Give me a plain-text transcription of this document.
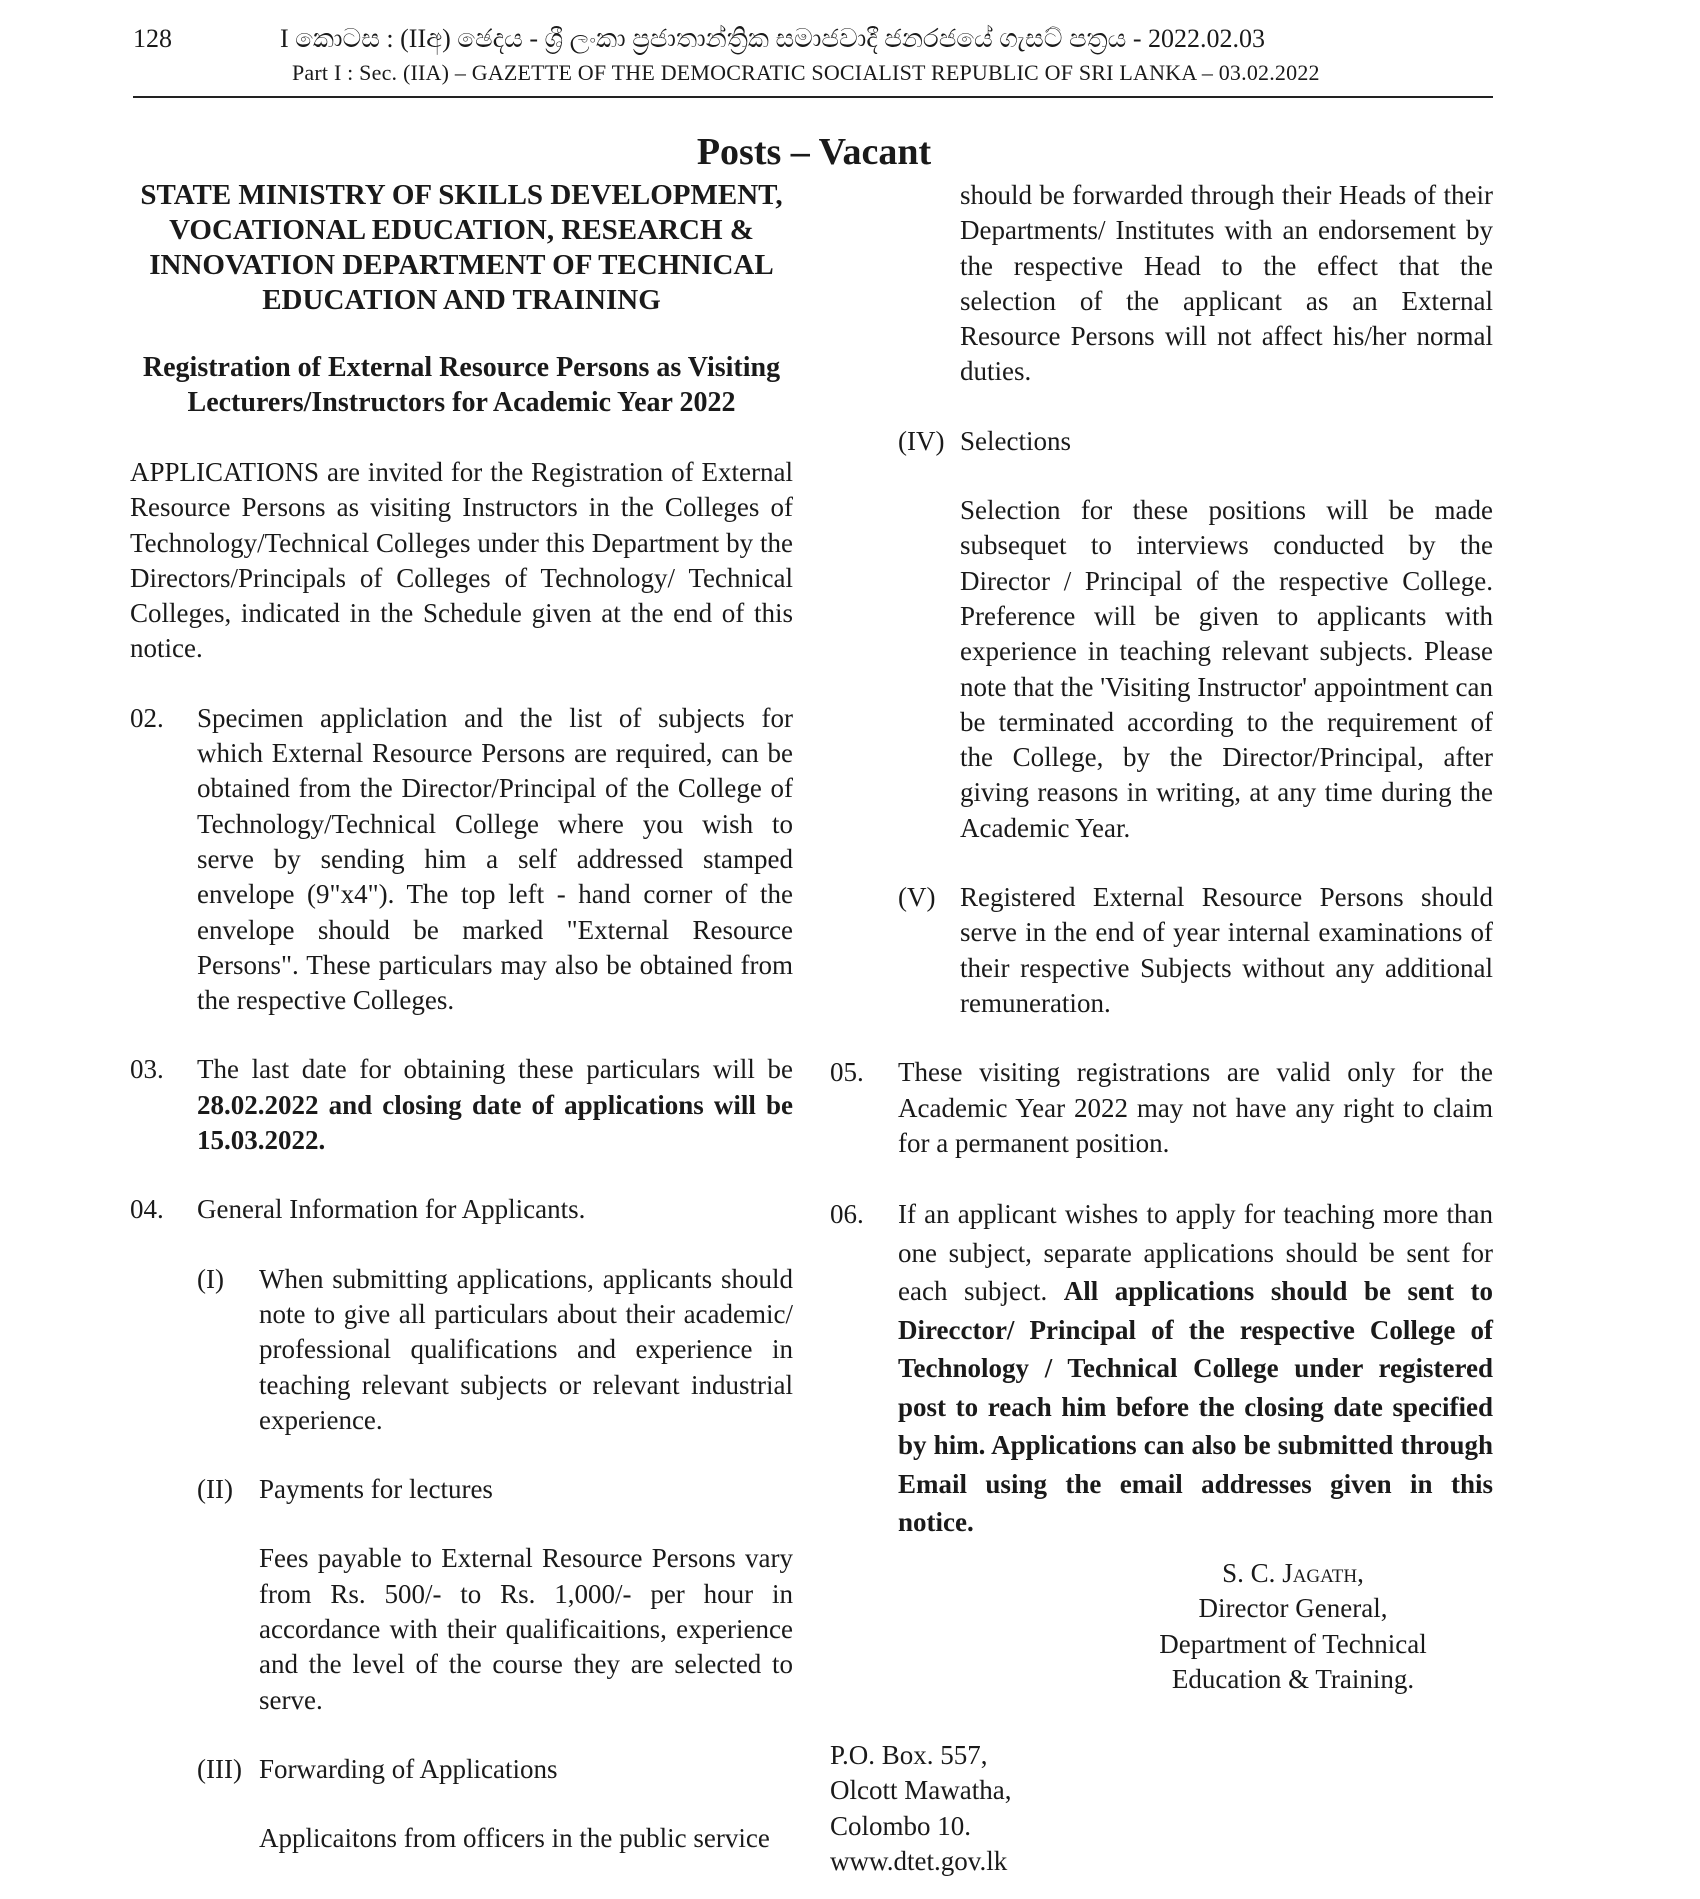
128	I කොටස : (IIඅ) ඡෙදය - ශ්‍රී ලංකා ප්‍රජාතාන්ත්‍රික සමාජවාදී ජනරජයේ ගැසට් පත්‍රය - 2022.02.03
Part I : Sec. (IIA) – GAZETTE OF THE DEMOCRATIC SOCIALIST REPUBLIC OF SRI LANKA – 03.02.2022
Posts – Vacant
STATE MINISTRY OF SKILLS DEVELOPMENT, VOCATIONAL EDUCATION, RESEARCH & INNOVATION DEPARTMENT OF TECHNICAL EDUCATION AND TRAINING
Registration of External Resource Persons as Visiting Lecturers/Instructors for Academic Year 2022

APPLICATIONS are invited for the Registration of External Resource Persons as visiting Instructors in the Colleges of Technology/Technical Colleges under this Department by the Directors/Principals of Colleges of Technology/ Technical Colleges, indicated in the Schedule given at the end of this notice.

02.	Specimen appliclation and the list of subjects for which External Resource Persons are required, can be obtained from the Director/Principal of the College of Technology/Technical College where you wish to serve by sending him a self addressed stamped envelope (9"x4"). The top left - hand corner of the envelope should be marked "External Resource Persons". These particulars may also be obtained from the respective Colleges.
03.	The last date for obtaining these particulars will be 28.02.2022 and closing date of applications will be 15.03.2022.
04.	General Information for Applicants.
(I)	When submitting applications, applicants should note to give all particulars about their academic/ professional qualifications and experience in teaching relevant subjects or relevant industrial experience.
(II) Payments for lectures

Fees payable to External Resource Persons vary from Rs. 500/- to Rs. 1,000/- per hour in accordance with their qualificaitions, experience and the level of the course they are selected to serve.

(III) Forwarding of Applications

Applicaitons from officers in the public service

should be forwarded through their Heads of their Departments/ Institutes with an endorsement by the respective Head to the effect that the selection of the applicant as an External Resource Persons will not affect his/her normal duties.

(IV) Selections

Selection for these positions will be made subsequet to interviews conducted by the Director / Principal of the respective College. Preference will be given to applicants with experience in teaching relevant subjects. Please note that the 'Visiting Instructor' appointment can be terminated according to the requirement of the College, by the Director/Principal, after giving reasons in writing, at any time during the Academic Year.

(V) Registered External Resource Persons should serve in the end of year internal examinations of their respective Subjects without any additional remuneration.
05.	These visiting registrations are valid only for the Academic Year 2022 may not have any right to claim for a permanent position.
06.	If an applicant wishes to apply for teaching more than one subject, separate applications should be sent for each subject. All applications should be sent to Direcctor/ Principal of the respective College of Technology / Technical College under registered post to reach him before the closing date specified by him. Applications can also be submitted through Email using the email addresses given in this notice.
S. C. Jagath,
Director General,
Department of Technical
Education & Training.
P.O. Box. 557,
Olcott Mawatha,
Colombo 10.
www.dtet.gov.lk
